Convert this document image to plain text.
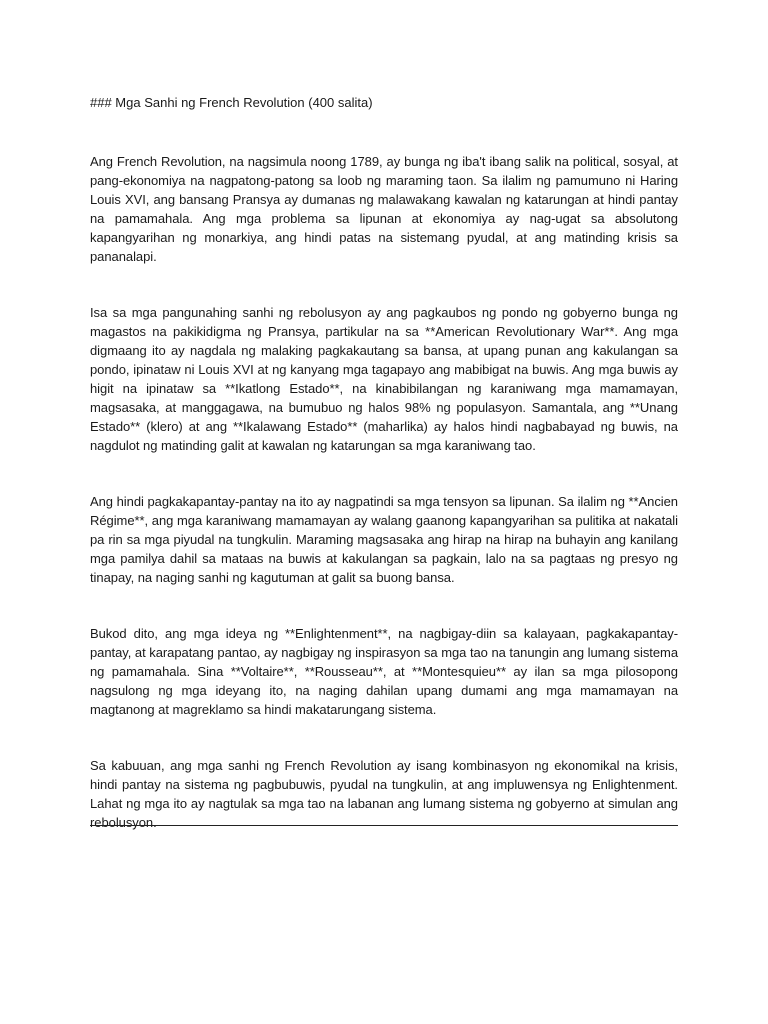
### Mga Sanhi ng French Revolution (400 salita)

Ang French Revolution, na nagsimula noong 1789, ay bunga ng iba't ibang salik na political, sosyal, at pang-ekonomiya na nagpatong-patong sa loob ng maraming taon. Sa ilalim ng pamumuno ni Haring Louis XVI, ang bansang Pransya ay dumanas ng malawakang kawalan ng katarungan at hindi pantay na pamamahala. Ang mga problema sa lipunan at ekonomiya ay nag-ugat sa absolutong kapangyarihan ng monarkiya, ang hindi patas na sistemang pyudal, at ang matinding krisis sa pananalapi.

Isa sa mga pangunahing sanhi ng rebolusyon ay ang pagkaubos ng pondo ng gobyerno bunga ng magastos na pakikidigma ng Pransya, partikular na sa **American Revolutionary War**. Ang mga digmaang ito ay nagdala ng malaking pagkakautang sa bansa, at upang punan ang kakulangan sa pondo, ipinataw ni Louis XVI at ng kanyang mga tagapayo ang mabibigat na buwis. Ang mga buwis ay higit na ipinataw sa **Ikatlong Estado**, na kinabibilangan ng karaniwang mga mamamayan, magsasaka, at manggagawa, na bumubuo ng halos 98% ng populasyon. Samantala, ang **Unang Estado** (klero) at ang **Ikalawang Estado** (maharlika) ay halos hindi nagbabayad ng buwis, na nagdulot ng matinding galit at kawalan ng katarungan sa mga karaniwang tao.

Ang hindi pagkakapantay-pantay na ito ay nagpatindi sa mga tensyon sa lipunan. Sa ilalim ng **Ancien Régime**, ang mga karaniwang mamamayan ay walang gaanong kapangyarihan sa pulitika at nakatali pa rin sa mga piyudal na tungkulin. Maraming magsasaka ang hirap na hirap na buhayin ang kanilang mga pamilya dahil sa mataas na buwis at kakulangan sa pagkain, lalo na sa pagtaas ng presyo ng tinapay, na naging sanhi ng kagutuman at galit sa buong bansa.

Bukod dito, ang mga ideya ng **Enlightenment**, na nagbigay-diin sa kalayaan, pagkakapantay-pantay, at karapatang pantao, ay nagbigay ng inspirasyon sa mga tao na tanungin ang lumang sistema ng pamamahala. Sina **Voltaire**, **Rousseau**, at **Montesquieu** ay ilan sa mga pilosopong nagsulong ng mga ideyang ito, na naging dahilan upang dumami ang mga mamamayan na magtanong at magreklamo sa hindi makatarungang sistema.

Sa kabuuan, ang mga sanhi ng French Revolution ay isang kombinasyon ng ekonomikal na krisis, hindi pantay na sistema ng pagbubuwis, pyudal na tungkulin, at ang impluwensya ng Enlightenment. Lahat ng mga ito ay nagtulak sa mga tao na labanan ang lumang sistema ng gobyerno at simulan ang rebolusyon.
